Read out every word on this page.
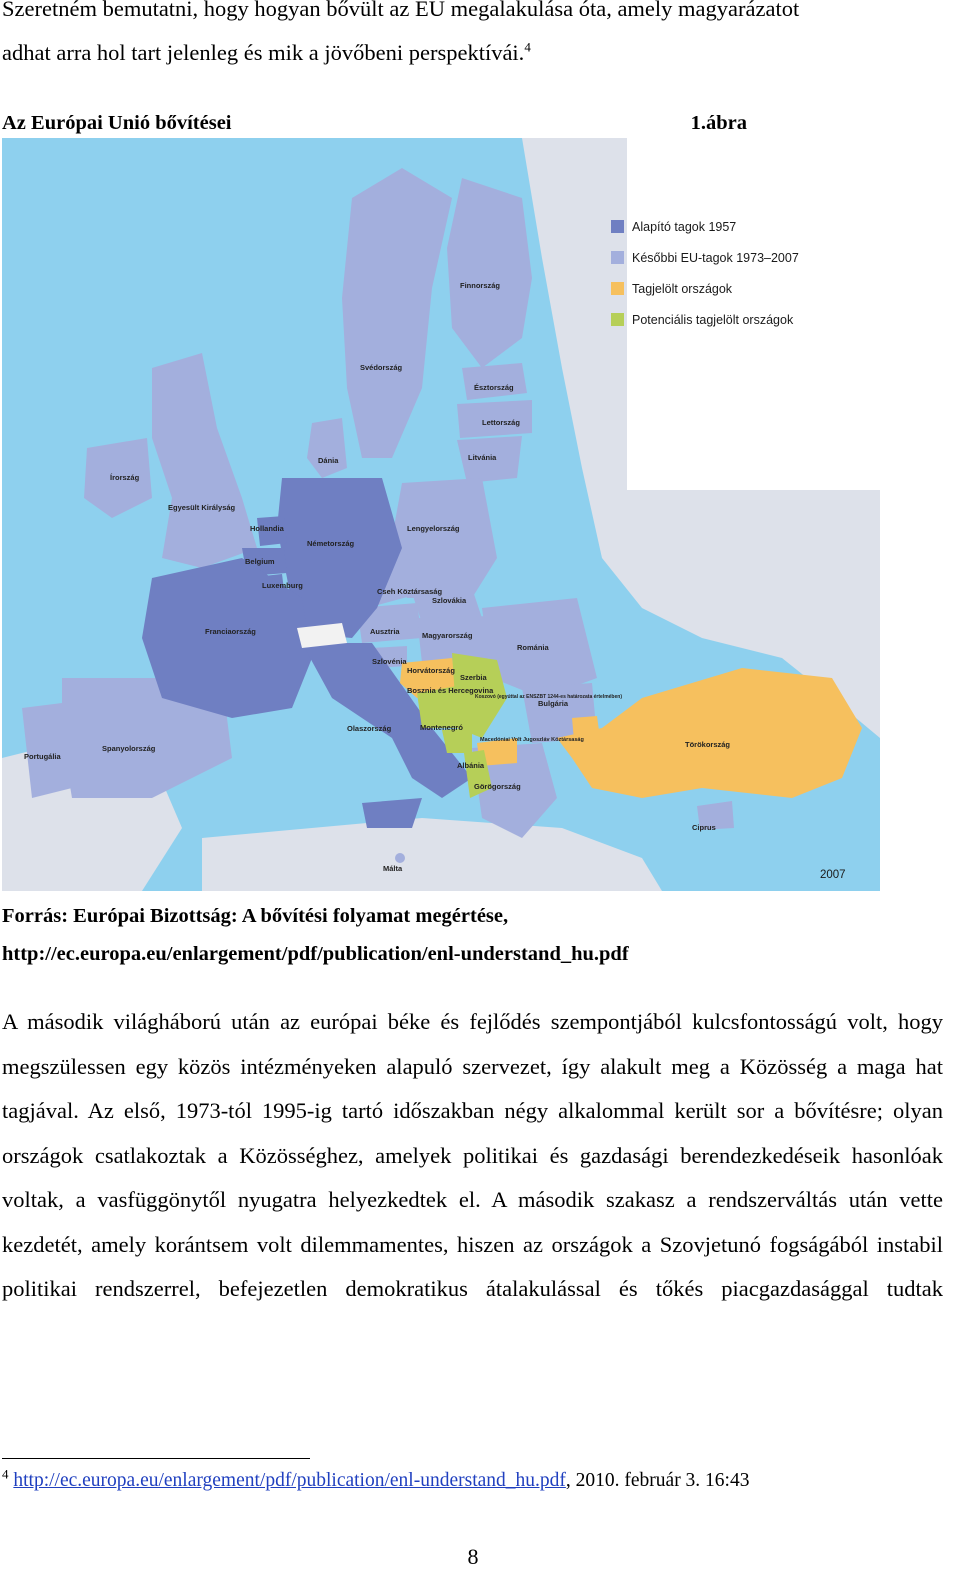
Szeretném bemutatni, hogy hogyan bővült az EU megalakulása óta, amely magyarázatot
adhat arra hol tart jelenleg és mik a jövőbeni perspektívái.$^4$
Az Európai Unió bővítései	1.ábra
Alapító tagok 1957
Későbbi EU-tagok 1973–2007
Tagjelölt országok
Potenciális tagjelölt országok
Finnország
Svédország
Észtország
Lettország
Litvánia
Dánia
Írország
Egyesült Királyság
Hollandia
Németország
Lengyelország
Belgium
Luxemburg
Cseh Köztársaság
Szlovákia
Franciaország	Ausztria	Magyarország
Románia
Szlovénia
Horvátország
Szerbia
Bosznia és Hercegovina
Koszovó (egyúttal az ENSZBT 1244-es határozata értelmében)
Bulgária
Montenegró
Macedóniai Volt Jugoszláv Köztársaság
Albánia
Olaszország
Portugália
Spanyolország
Görögország
Törökország
Ciprus
Málta
2007
Forrás: Európai Bizottság: A bővítési folyamat megértése,
http://ec.europa.eu/enlargement/pdf/publication/enl-understand_hu.pdf
A második világháború után az európai béke és fejlődés szempontjából kulcsfontosságú volt, hogy megszülessen egy közös intézményeken alapuló szervezet, így alakult meg a Közösség a maga hat tagjával. Az első, 1973-tól 1995-ig tartó időszakban négy alkalommal került sor a bővítésre; olyan országok csatlakoztak a Közösséghez, amelyek politikai és gazdasági berendezkedéseik hasonlóak voltak, a vasfüggönytől nyugatra helyezkedtek el. A második szakasz a rendszerváltás után vette kezdetét, amely korántsem volt dilemmamentes, hiszen az országok a Szovjetunó fogságából instabil politikai rendszerrel, befejezetlen demokratikus átalakulással és tőkés piacgazdasággal tudtak
$^4$ http://ec.europa.eu/enlargement/pdf/publication/enl-understand_hu.pdf, 2010. február 3. 16:43
8
